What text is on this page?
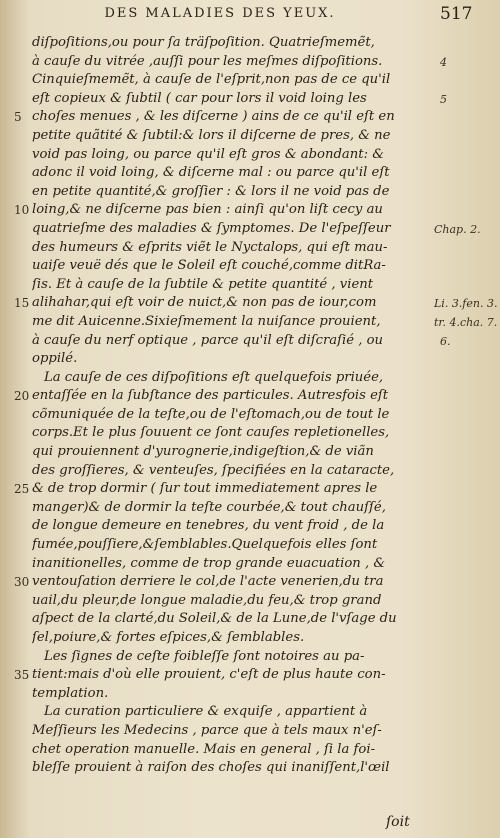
DES MALADIES DES YEUX.	517
diſpoſitions,ou pour ſa träſpoſition. Quatrieſmemẽt,
à cauſe du vitrée ,auſſi pour les meſmes diſpoſitions.
Cinquieſmemẽt, à cauſe de l'eſprit,non pas de ce qu'il
eſt copieux & ſubtil ( car pour lors il void loing les
choſes menues , & les diſcerne ) ains de ce qu'il eſt en
petite quãtité & ſubtil:& lors il diſcerne de pres, & ne
void pas loing, ou parce qu'il eſt gros & abondant: &
adonc il void loing, & diſcerne mal : ou parce qu'il eſt
en petite quantité,& groſſier : & lors il ne void pas de
loing,& ne diſcerne pas bien : ainſi qu'on liſt cecy au
quatrieſme des maladies & ſymptomes. De l'eſpeſſeur
des humeurs & eſprits viẽt le Nyctalops, qui eſt mau-
uaiſe veuë dés que le Soleil eſt couché,comme ditRa-
ſis. Et à cauſe de la ſubtile & petite quantité , vient
alihahar,qui eſt voir de nuict,& non pas de iour,com
me dit Auicenne.Sixieſmement la nuiſance prouient,
à cauſe du nerf optique , parce qu'il eſt diſcraſié , ou
oppilé.
La cauſe de ces diſpoſitions eſt quelquefois priuée,
entaſſée en la ſubſtance des particules. Autresfois eſt
cõmuniquée de la teſte,ou de l'eſtomach,ou de tout le
corps.Et le plus ſouuent ce ſont cauſes repletionelles,
qui prouiennent d'yurognerie,indigeſtion,& de viãn
des groſſieres, & venteuſes, ſpecifiées en la cataracte,
& de trop dormir ( ſur tout immediatement apres le
manger)& de dormir la teſte courbée,& tout chauſſé,
de longue demeure en tenebres, du vent froid , de la
fumée,pouſſiere,&ſemblables.Quelquefois elles ſont
inanitionelles, comme de trop grande euacuation , &
ventouſation derriere le col,de l'acte venerien,du tra
uail,du pleur,de longue maladie,du feu,& trop grand
aſpect de la clarté,du Soleil,& de la Lune,de l'vſage du
ſel,poiure,& fortes eſpices,& ſemblables.
Les ſignes de ceſte foibleſſe ſont notoires au pa-
tient:mais d'où elle prouient, c'eſt de plus haute con-
templation.
La curation particuliere & exquiſe , appartient à
Meſſieurs les Medecins , parce que à tels maux n'eſ-
chet operation manuelle. Mais en general , ſi la foi-
bleſſe prouient à raiſon des choſes qui inaniſſent,l'œil
5
10
15
20
25
30
35
4
5
Chap. 2.
Li. 3.fen. 3.
tr. 4.cha. 7.
6.
ſoit
